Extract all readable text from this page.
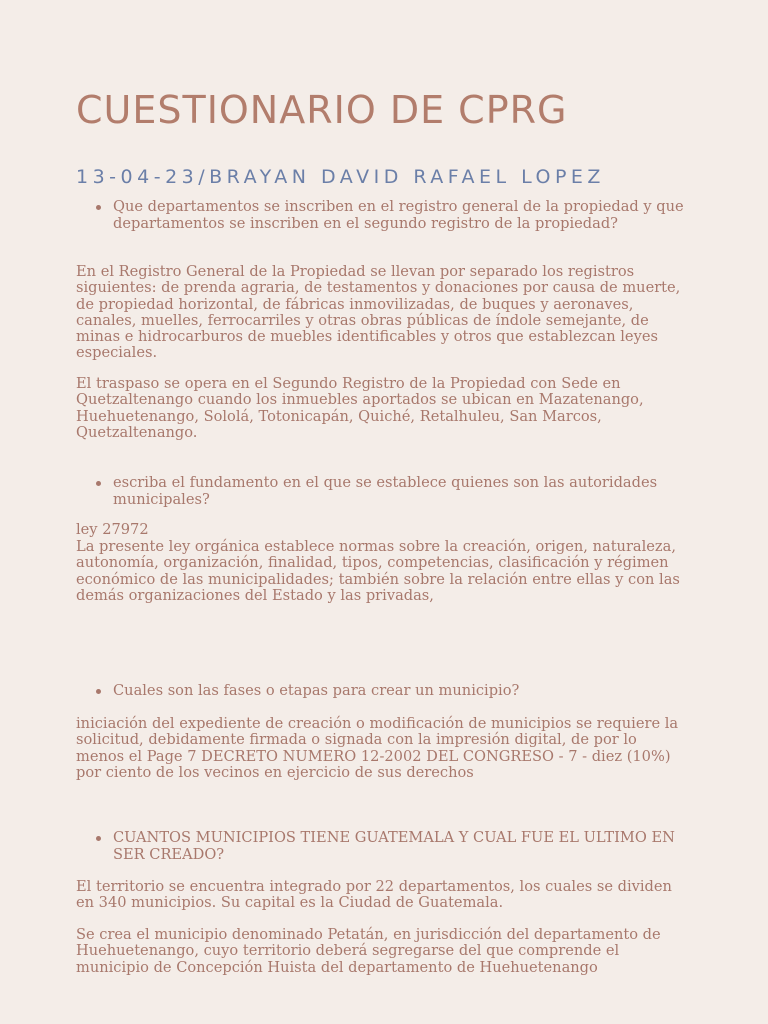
CUESTIONARIO DE CPRG
13-04-23/BRAYAN DAVID RAFAEL LOPEZ
Que departamentos se inscriben en el registro general de la propiedad y que departamentos se inscriben en el segundo registro de la propiedad?

En el Registro General de la Propiedad se llevan por separado los registros siguientes: de prenda agraria, de testamentos y donaciones por causa de muerte, de propiedad horizontal, de fábricas inmovilizadas, de buques y aeronaves, canales, muelles, ferrocarriles y otras obras públicas de índole semejante, de minas e hidrocarburos de muebles identificables y otros que establezcan leyes especiales.

El traspaso se opera en el Segundo Registro de la Propiedad con Sede en Quetzaltenango cuando los inmuebles aportados se ubican en Mazatenango, Huehuetenango, Sololá, Totonicapán, Quiché, Retalhuleu, San Marcos, Quetzaltenango.

escriba el fundamento en el que se establece quienes son las autoridades municipales?

ley 27972

La presente ley orgánica establece normas sobre la creación, origen, naturaleza, autonomía, organización, finalidad, tipos, competencias, clasificación y régimen económico de las municipalidades; también sobre la relación entre ellas y con las demás organizaciones del Estado y las privadas,

Cuales son las fases o etapas para crear un municipio?

iniciación del expediente de creación o modificación de municipios se requiere la solicitud, debidamente firmada o signada con la impresión digital, de por lo menos el Page 7 DECRETO NUMERO 12-2002 DEL CONGRESO - 7 - diez (10%) por ciento de los vecinos en ejercicio de sus derechos

CUANTOS MUNICIPIOS TIENE GUATEMALA Y CUAL FUE EL ULTIMO EN SER CREADO?

El territorio se encuentra integrado por 22 departamentos, los cuales se dividen en 340 municipios. Su capital es la Ciudad de Guatemala.

Se crea el municipio denominado Petatán, en jurisdicción del departamento de Huehuetenango, cuyo territorio deberá segregarse del que comprende el municipio de Concepción Huista del departamento de Huehuetenango
